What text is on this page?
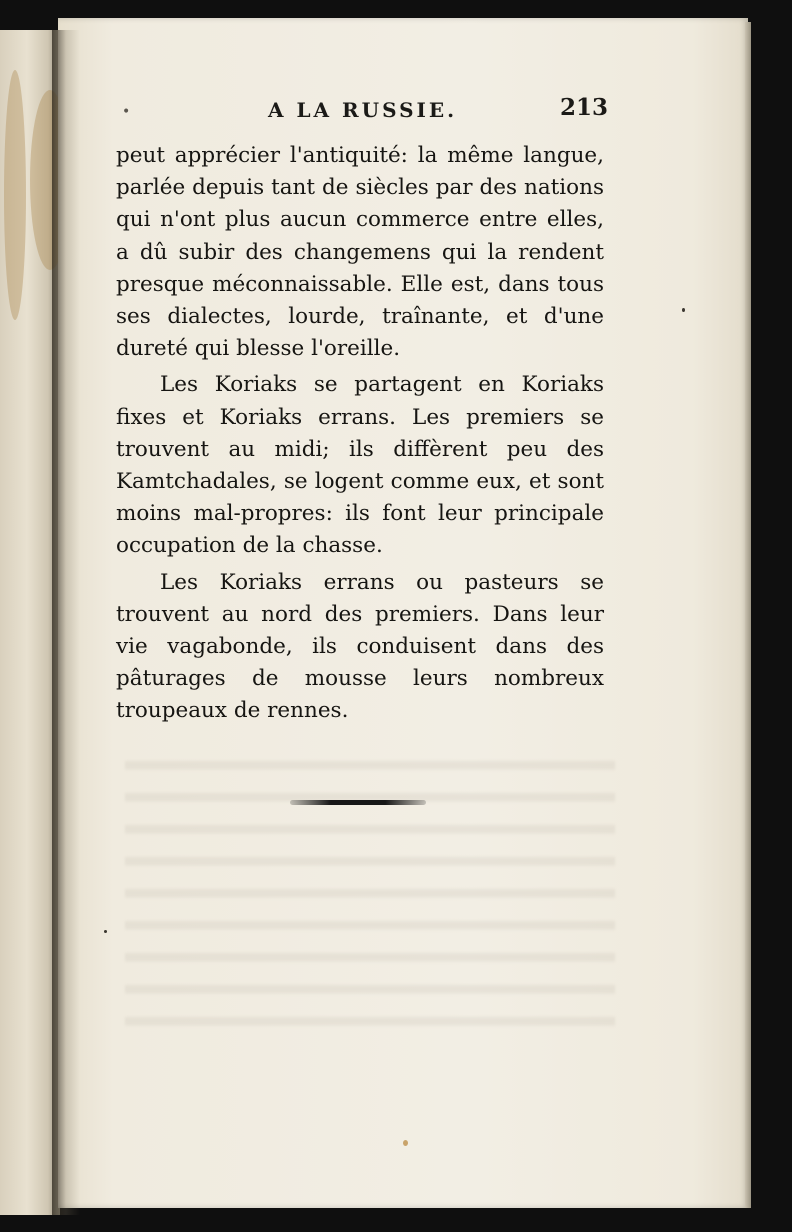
•	A LA RUSSIE.	213

peut apprécier l'antiquité: la même langue, parlée depuis tant de siècles par des nations qui n'ont plus aucun commerce entre elles, a dû subir des changemens qui la rendent presque méconnaissable. Elle est, dans tous ses dialectes, lourde, traînante, et d'une dureté qui blesse l'oreille.

Les Koriaks se partagent en Koriaks fixes et Koriaks errans. Les premiers se trouvent au midi; ils diffèrent peu des Kamtchadales, se logent comme eux, et sont moins mal-propres: ils font leur principale occupation de la chasse.

Les Koriaks errans ou pasteurs se trouvent au nord des premiers. Dans leur vie vagabonde, ils conduisent dans des pâturages de mousse leurs nombreux troupeaux de rennes.
